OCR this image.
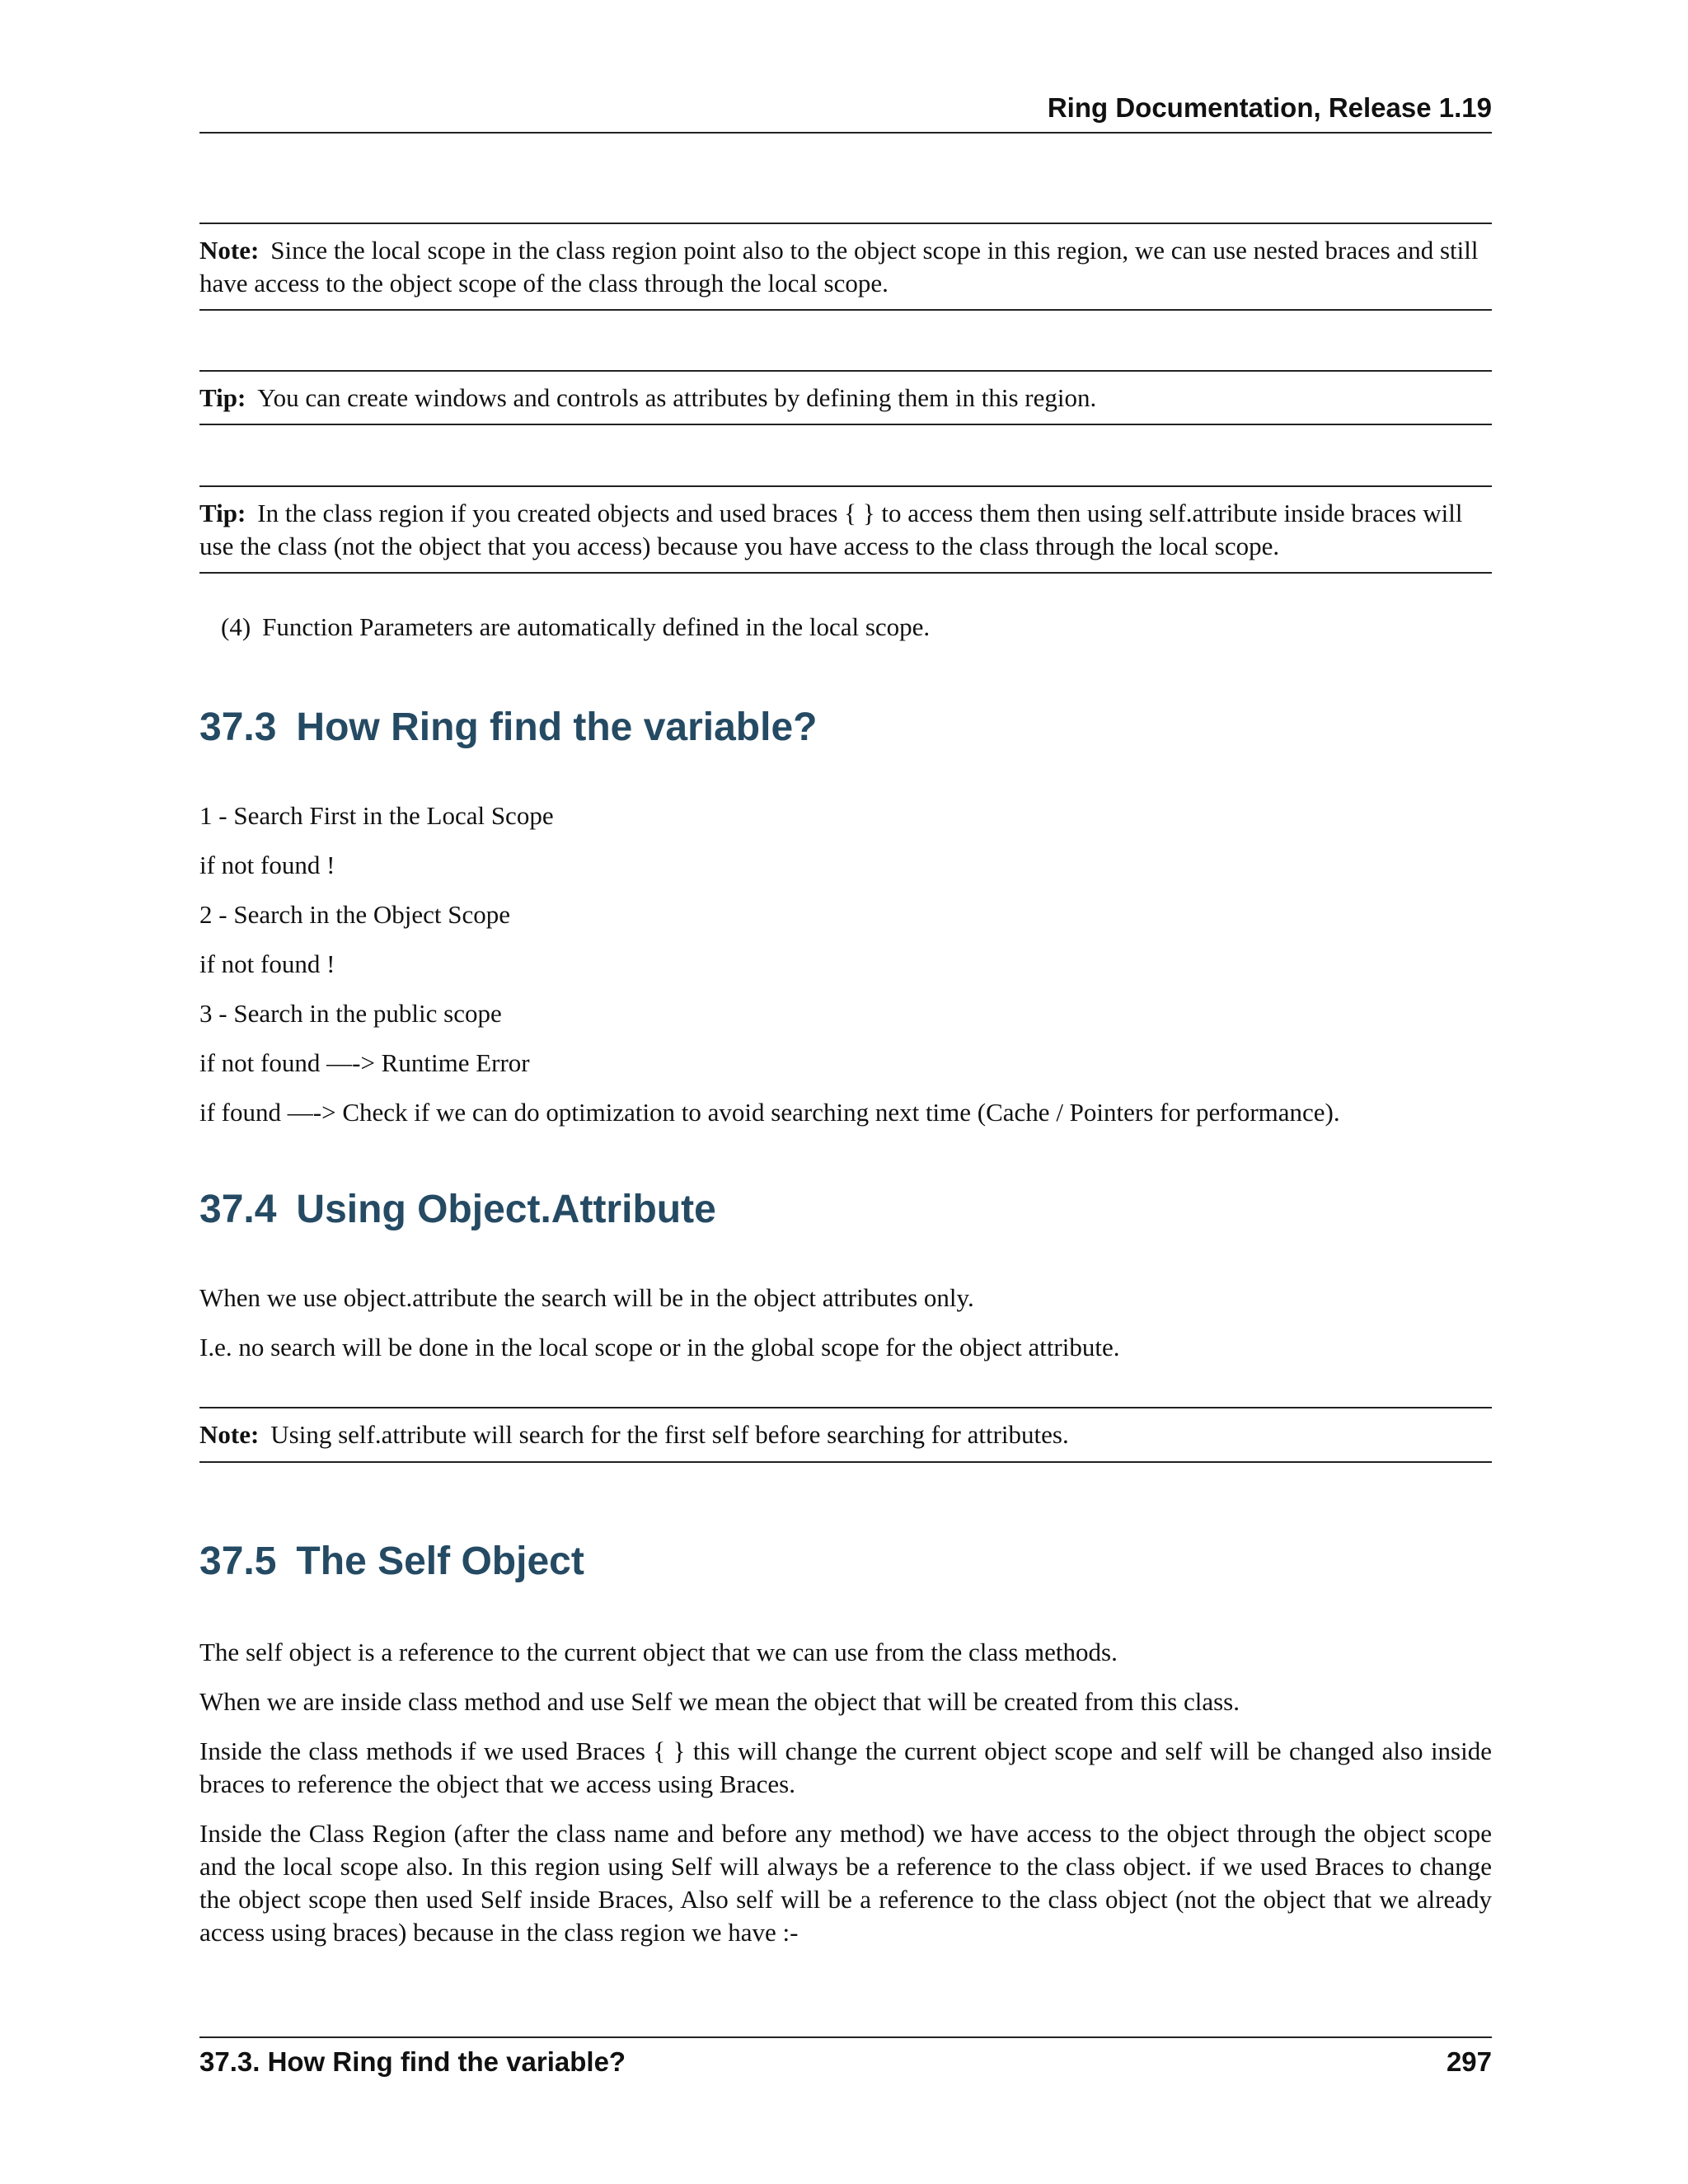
Ring Documentation, Release 1.19
Note: Since the local scope in the class region point also to the object scope in this region, we can use nested braces and still have access to the object scope of the class through the local scope.
Tip: You can create windows and controls as attributes by defining them in this region.
Tip: In the class region if you created objects and used braces { } to access them then using self.attribute inside braces will use the class (not the object that you access) because you have access to the class through the local scope.

(4) Function Parameters are automatically defined in the local scope.

37.3 How Ring find the variable?

1 - Search First in the Local Scope

if not found !

2 - Search in the Object Scope

if not found !

3 - Search in the public scope

if not found —-> Runtime Error

if found —-> Check if we can do optimization to avoid searching next time (Cache / Pointers for performance).

37.4 Using Object.Attribute

When we use object.attribute the search will be in the object attributes only.

I.e. no search will be done in the local scope or in the global scope for the object attribute.

Note: Using self.attribute will search for the first self before searching for attributes.
37.5 The Self Object

The self object is a reference to the current object that we can use from the class methods.

When we are inside class method and use Self we mean the object that will be created from this class.

Inside the class methods if we used Braces { } this will change the current object scope and self will be changed also inside braces to reference the object that we access using Braces.

Inside the Class Region (after the class name and before any method) we have access to the object through the object scope and the local scope also. In this region using Self will always be a reference to the class object. if we used Braces to change the object scope then used Self inside Braces, Also self will be a reference to the class object (not the object that we already access using braces) because in the class region we have :-

37.3. How Ring find the variable?	297
